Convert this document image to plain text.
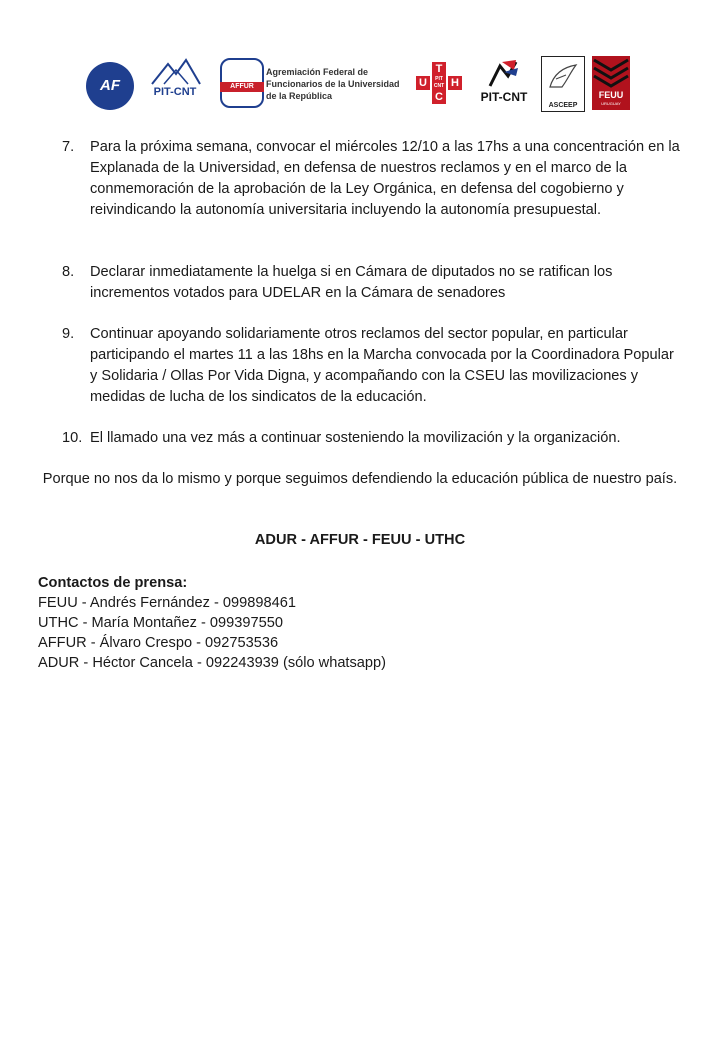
AF	PIT-CNT	AFFUR
Agremiación Federal de Funcionarios de la Universidad de la República
U
T
H
C
PIT CNT
PIT-CNT
ASCEEP
FEUU
URUGUAY
7. Para la próxima semana, convocar el miércoles 12/10 a las 17hs a una concentración en la Explanada de la Universidad, en defensa de nuestros reclamos y en el marco de la conmemoración de la aprobación de la Ley Orgánica, en defensa del cogobierno y reivindicando la autonomía universitaria incluyendo la autonomía presupuestal.
8. Declarar inmediatamente la huelga si en Cámara de diputados no se ratifican los incrementos votados para UDELAR en la Cámara de senadores
9. Continuar apoyando solidariamente otros reclamos del sector popular, en particular participando el martes 11 a las 18hs en la Marcha convocada por la Coordinadora Popular y Solidaria / Ollas Por Vida Digna, y acompañando con la CSEU las movilizaciones y medidas de lucha de los sindicatos de la educación.
10. El llamado una vez más a continuar sosteniendo la movilización y la organización.
Porque no nos da lo mismo y porque seguimos defendiendo la educación pública de nuestro país.
ADUR - AFFUR - FEUU - UTHC
Contactos de prensa:
FEUU - Andrés Fernández - 099898461
UTHC - María Montañez - 099397550
AFFUR - Álvaro Crespo - 092753536
ADUR - Héctor Cancela - 092243939 (sólo whatsapp)
